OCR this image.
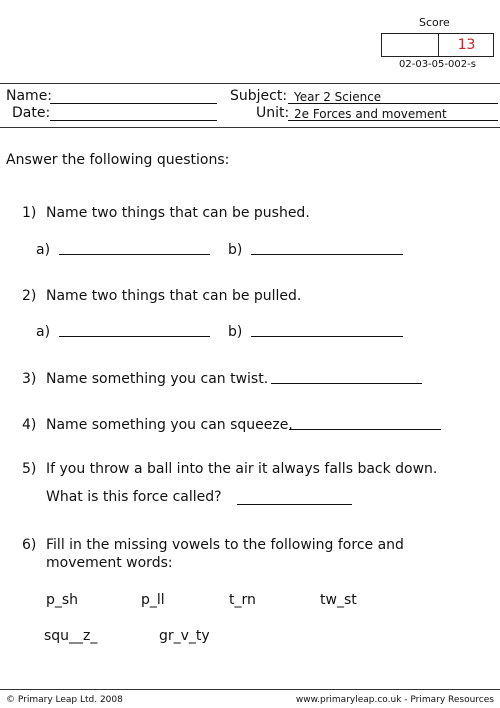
Score
13
02-03-05-002-s
Name:
Date:
Subject: Year 2 Science
Unit: 2e Forces and movement
Answer the following questions:
1) Name two things that can be pushed.
a)	b)
2) Name two things that can be pulled.
a)	b)
3) Name something you can twist.
4) Name something you can squeeze.
5) If you throw a ball into the air it always falls back down.
What is this force called?
6) Fill in the missing vowels to the following force and
movement words:
p_sh	p_ll	t_rn	tw_st
squ__z_	gr_v_ty
© Primary Leap Ltd. 2008	www.primaryleap.co.uk - Primary Resources
